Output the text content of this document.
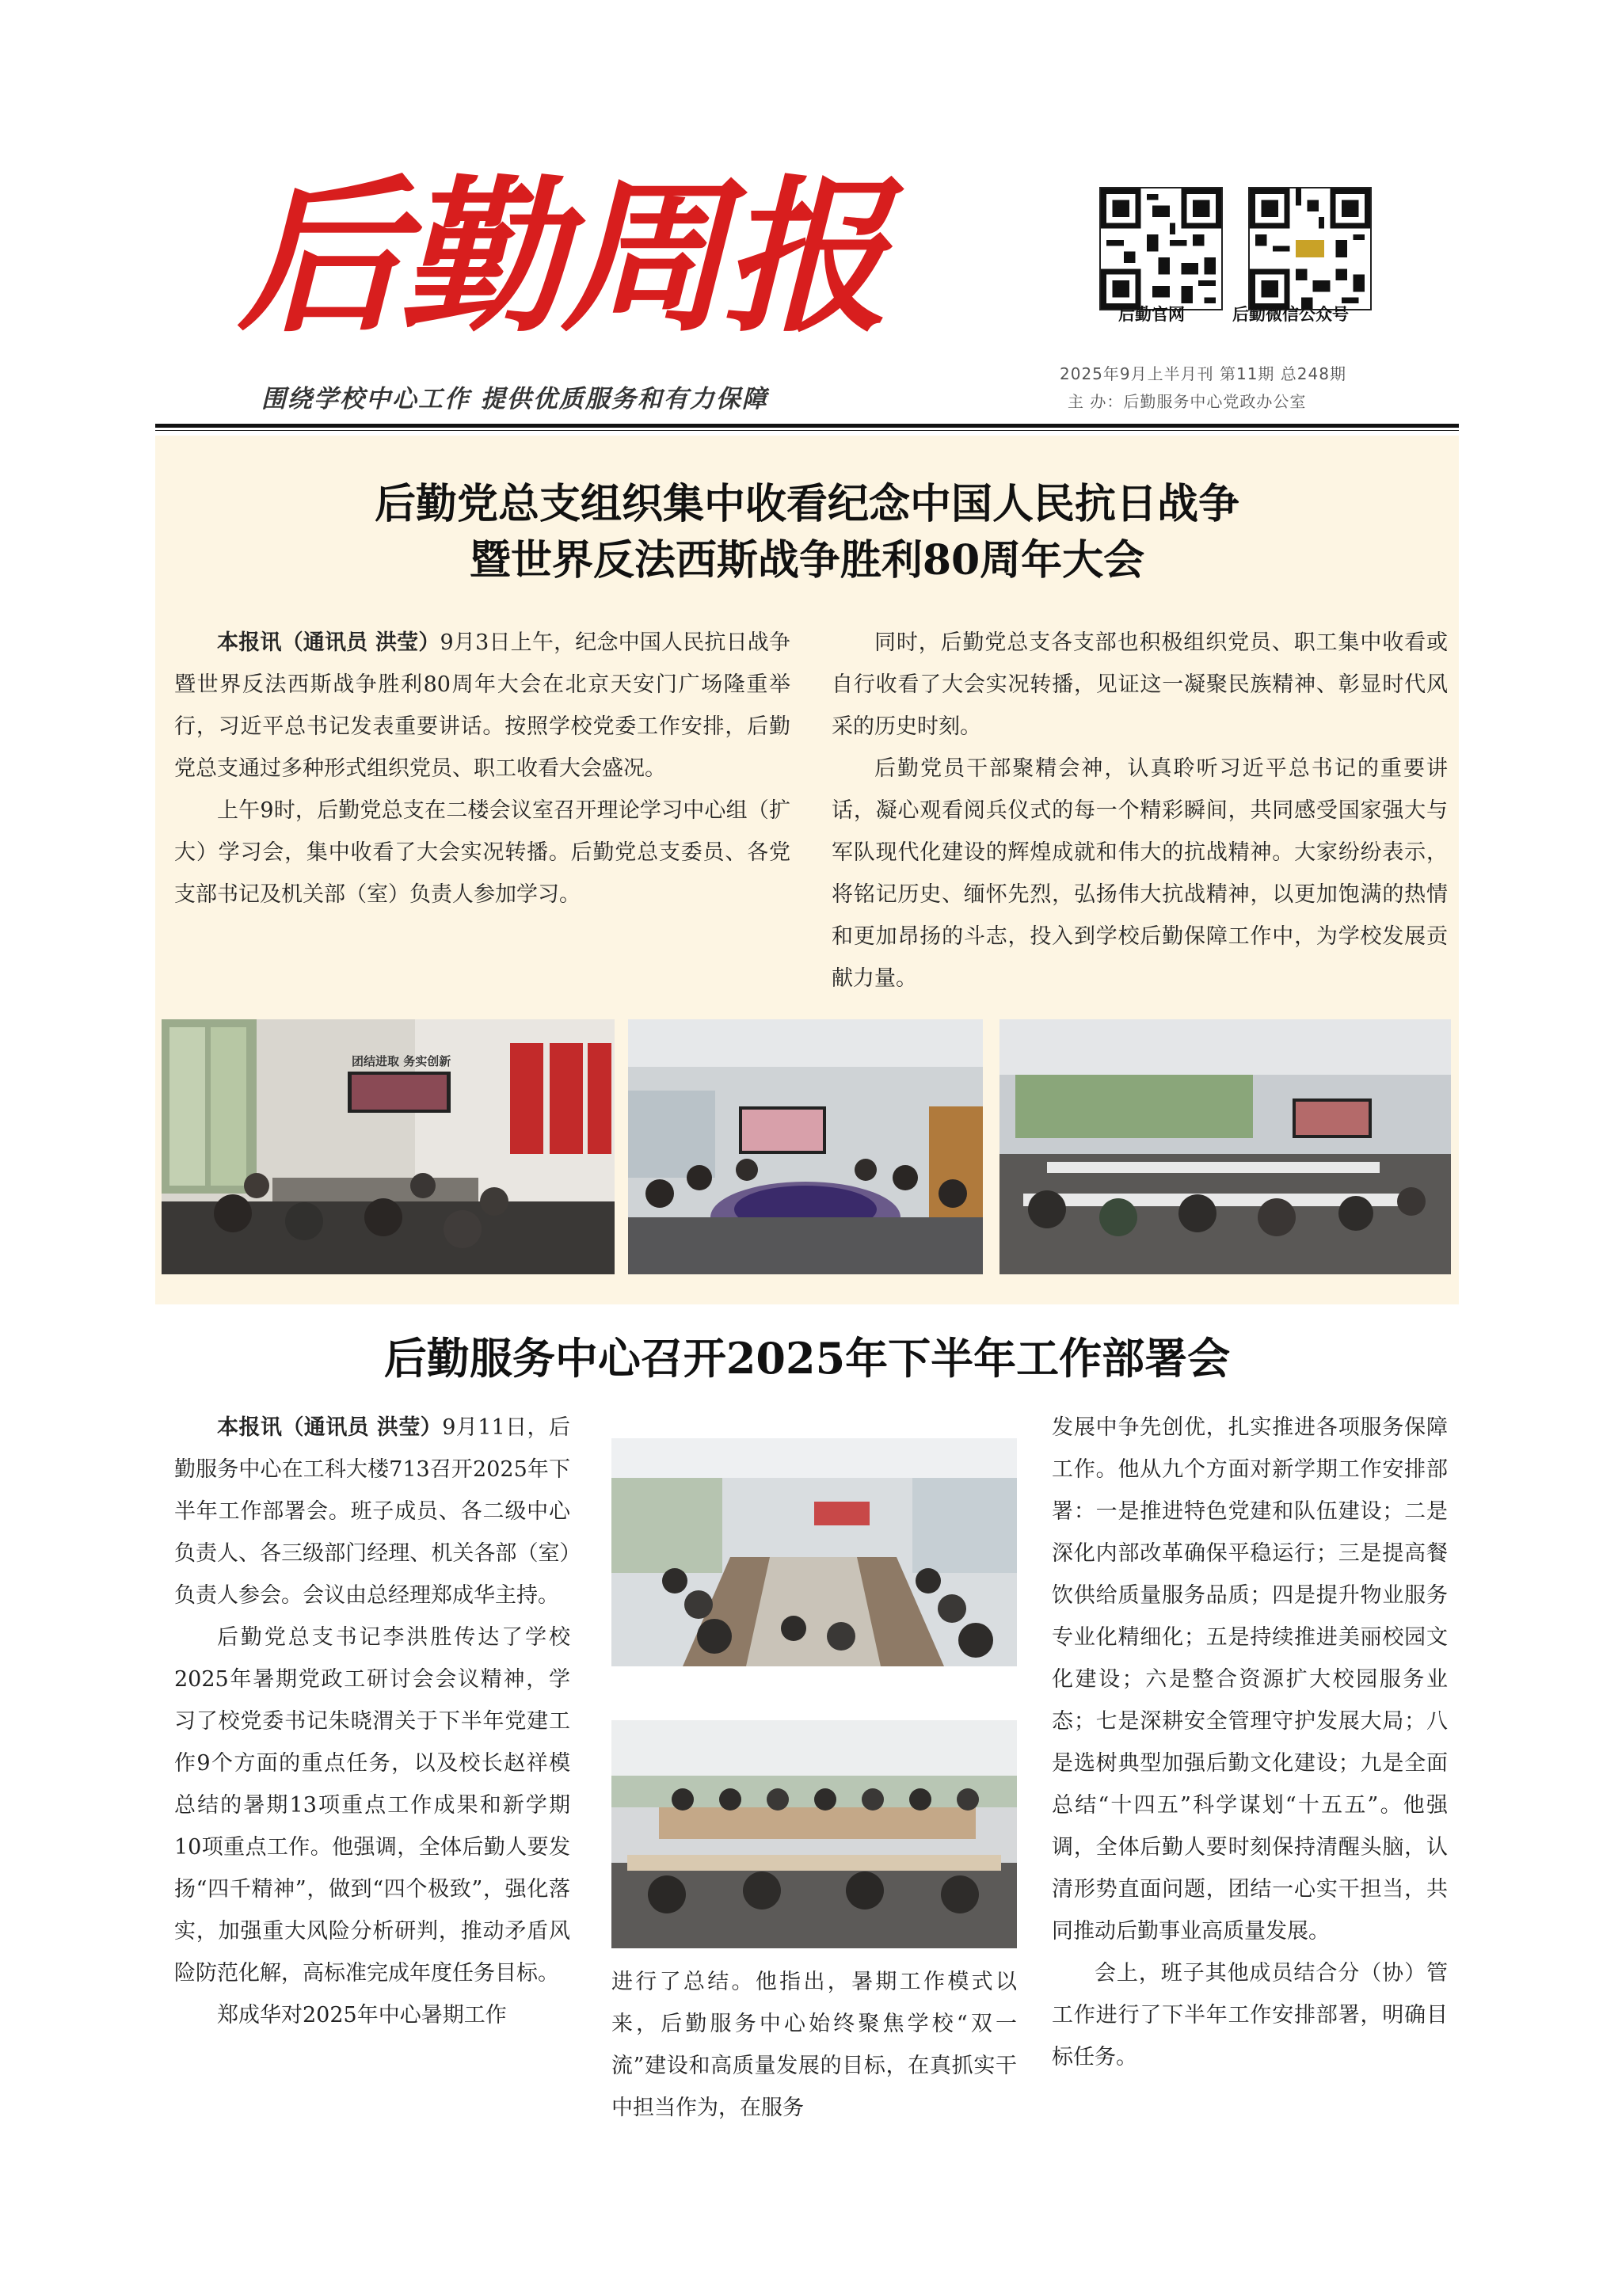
后勤周报
围绕学校中心工作 提供优质服务和有力保障
后勤官网	后勤微信公众号
2025年9月上半月刊 第11期 总248期
主 办：后勤服务中心党政办公室
后勤党总支组织集中收看纪念中国人民抗日战争
暨世界反法西斯战争胜利80周年大会

本报讯（通讯员 洪莹）9月3日上午，纪念中国人民抗日战争暨世界反法西斯战争胜利80周年大会在北京天安门广场隆重举行，习近平总书记发表重要讲话。按照学校党委工作安排，后勤党总支通过多种形式组织党员、职工收看大会盛况。

上午9时，后勤党总支在二楼会议室召开理论学习中心组（扩大）学习会，集中收看了大会实况转播。后勤党总支委员、各党支部书记及机关部（室）负责人参加学习。

同时，后勤党总支各支部也积极组织党员、职工集中收看或自行收看了大会实况转播，见证这一凝聚民族精神、彰显时代风采的历史时刻。

后勤党员干部聚精会神，认真聆听习近平总书记的重要讲话，凝心观看阅兵仪式的每一个精彩瞬间，共同感受国家强大与军队现代化建设的辉煌成就和伟大的抗战精神。大家纷纷表示，将铭记历史、缅怀先烈，弘扬伟大抗战精神，以更加饱满的热情和更加昂扬的斗志，投入到学校后勤保障工作中，为学校发展贡献力量。

团结进取 务实创新
后勤服务中心召开2025年下半年工作部署会

本报讯（通讯员 洪莹）9月11日，后勤服务中心在工科大楼713召开2025年下半年工作部署会。班子成员、各二级中心负责人、各三级部门经理、机关各部（室）负责人参会。会议由总经理郑成华主持。

后勤党总支书记李洪胜传达了学校2025年暑期党政工研讨会会议精神，学习了校党委书记朱晓渭关于下半年党建工作9个方面的重点任务，以及校长赵祥模总结的暑期13项重点工作成果和新学期10项重点工作。他强调，全体后勤人要发扬“四千精神”，做到“四个极致”，强化落实，加强重大风险分析研判，推动矛盾风险防范化解，高标准完成年度任务目标。

郑成华对2025年中心暑期工作

进行了总结。他指出，暑期工作模式以来，后勤服务中心始终聚焦学校“双一流”建设和高质量发展的目标，在真抓实干中担当作为，在服务

发展中争先创优，扎实推进各项服务保障工作。他从九个方面对新学期工作安排部署：一是推进特色党建和队伍建设；二是深化内部改革确保平稳运行；三是提高餐饮供给质量服务品质；四是提升物业服务专业化精细化；五是持续推进美丽校园文化建设；六是整合资源扩大校园服务业态；七是深耕安全管理守护发展大局；八是选树典型加强后勤文化建设；九是全面总结“十四五”科学谋划“十五五”。他强调，全体后勤人要时刻保持清醒头脑，认清形势直面问题，团结一心实干担当，共同推动后勤事业高质量发展。

会上，班子其他成员结合分（协）管工作进行了下半年工作安排部署，明确目标任务。
